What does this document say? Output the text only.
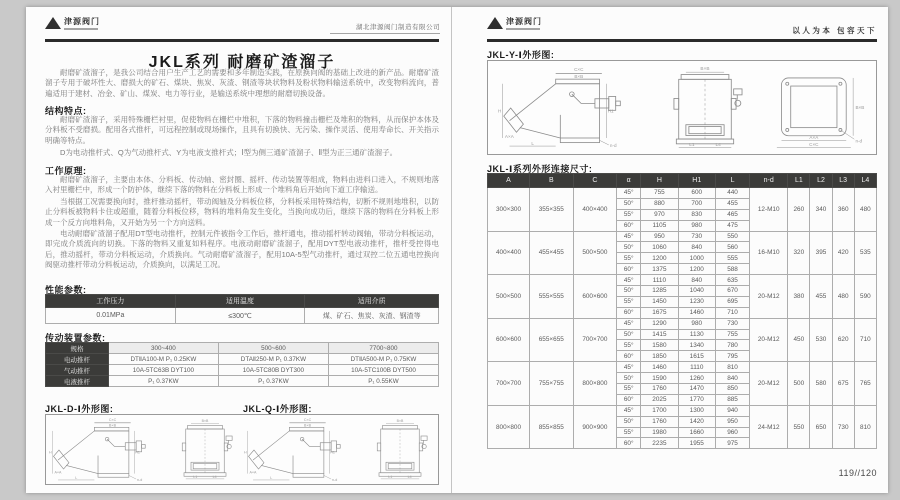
津源阀门
湖北津源阀门制造有限公司
JKL系列 耐磨矿渣溜子
耐磨矿渣溜子，是我公司结合用户生产工艺的需要和多年制造实践，在原换向阀的基础上改进的新产品。耐磨矿渣溜子专用于破坏性大、磨损大的矿石、煤块、焦炭、灰渣、钢渣等块状物料及粉状物料输送系统中，改变物料流向，普遍适用于建材、冶金、矿山、煤炭、电力等行业，是输送系统中理想的耐磨切换设备。
结构特点:
耐磨矿渣溜子，采用特殊栅栏衬里，促使物料在栅栏中堆积，下落的物料撞击栅栏及堆积的物料，从而保护本体及分料板不受磨损。配用各式推杆，可远程控制或现场操作，且具有切换快、无污染、操作灵活、使用寿命长、开关指示明确等特点。
D为电动推杆式、Q为气动推杆式、Y为电液支推杆式；Ⅰ型为侧三通矿渣溜子、Ⅱ型为正三通矿渣溜子。
工作原理:
耐磨矿渣溜子，主要由本体、分料板、传动轴、密封圈、摇杆、传动装置等组成，物料由进料口进入，不规则地落入衬里栅栏中，形成一个防护体，继续下落的物料在分料板上形成一个堆料角后开始向下道工序输送。
当根据工况需要换向时，推杆推动摇杆，带动阀轴及分料板位移，分料板采用特殊结构，切断不规则地堆积，以防止分料板被物料卡住或超重，随着分料板位移，物料的堆料角发生变化，当换向成功后，继续下落的物料在分料板上形成一个反方向堆料角，又开始为另一个方向送料。
电动耐磨矿渣溜子配用DT型电动推杆，控制元件被指令工作后，推杆通电，推动摇杆转动阀轴，带动分料板运动，即完成介质流向的切换。下落的物料又重复如料程序。电液动耐磨矿渣溜子，配用DYT型电液动推杆，推杆受控得电后，推动摇杆，带动分料板运动，介质换向。气动耐磨矿渣溜子，配用10A-5型气动推杆，通过双控二位五通电控换向阀驱动推杆带动分料板运动，介质换向，以满足工况。
性能参数:
工作压力	适用温度	适用介质
0.01MPa	≤300℃	煤、矿石、焦炭、灰渣、钢渣等
传动装置参数:
规格	300~400	500~600	7700~800
电动推杆	DTⅡA100-M P₁ 0.25KW	DTAⅡ250-M P₁ 0.37KW	DTⅡA500-M P₁ 0.75KW
气动推杆	10A-5TC63B DYT100	10A-5TC80B DYT300	10A-5TC100B DYT500
电液推杆	P₁ 0.37KW	P₁ 0.37KW	P₁ 0.55KW
JKL-D-Ⅰ外形图:	JKL-Q-Ⅰ外形图:
C×C
B×B
H	H1
L
A×A
n-d
B×B
L1	L4
C×C
B×B
H	H1
L
A×A
n-d
B×B
L1	L4
津源阀门
以人为本 包容天下
JKL-Y-Ⅰ外形图:
C×C
B×B
H	H1
L
A×A
n-d
B×B
L1	L4
A×A
C×C
B×B
n-d
JKL-Ⅰ系列外形连接尺寸:
A	B	C	α	H	H1	L	n-d	L1	L2	L3	L4
300×300	355×355	400×400	45°	755	600	440	12-M10	260	340	360	480
			50°	880	700	455					
			55°	970	830	465					
			60°	1105	980	475					
400×400	455×455	500×500	45°	950	730	550	16-M10	320	395	420	535
			50°	1060	840	560					
			55°	1200	1000	555					
			60°	1375	1200	588					
500×500	555×555	600×600	45°	1110	840	635	20-M12	380	455	480	590
			50°	1285	1040	670					
			55°	1450	1230	695					
			60°	1675	1460	710					
600×600	655×655	700×700	45°	1290	980	730	20-M12	450	530	620	710
			50°	1415	1130	755					
			55°	1580	1340	780					
			60°	1850	1615	795					
700×700	755×755	800×800	45°	1460	1110	810	20-M12	500	580	675	765
			50°	1590	1260	840					
			55°	1760	1470	850					
			60°	2025	1770	885					
800×800	855×855	900×900	45°	1700	1300	940	24-M12	550	650	730	810
			50°	1760	1420	950					
			55°	1980	1660	960					
			60°	2235	1955	975					
119//120
